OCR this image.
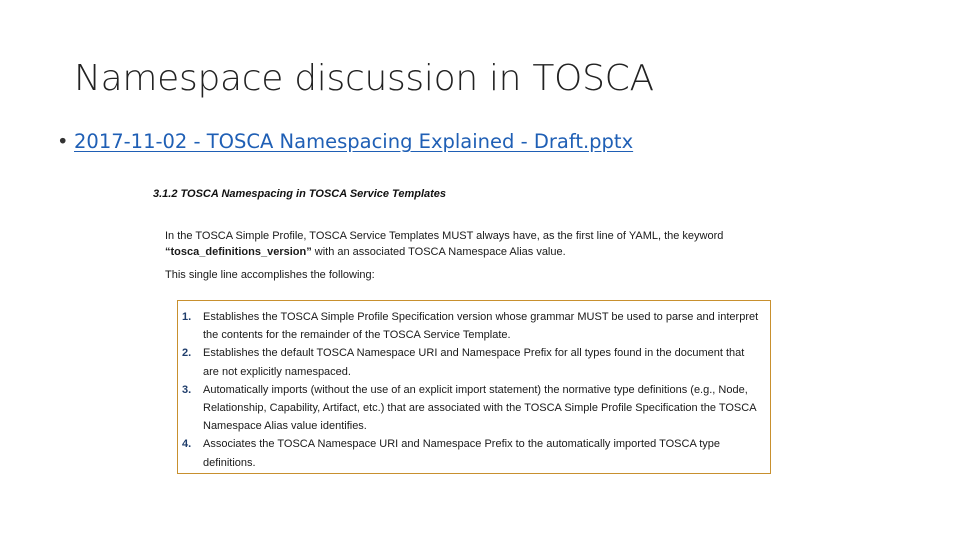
Namespace discussion in TOSCA
• 2017-11-02 - TOSCA Namespacing Explained - Draft.pptx
3.1.2 TOSCA Namespacing in TOSCA Service Templates

In the TOSCA Simple Profile, TOSCA Service Templates MUST always have, as the first line of YAML, the keyword “tosca_definitions_version” with an associated TOSCA Namespace Alias value.

This single line accomplishes the following:

1.	Establishes the TOSCA Simple Profile Specification version whose grammar MUST be used to parse and interpret the contents for the remainder of the TOSCA Service Template.
2.	Establishes the default TOSCA Namespace URI and Namespace Prefix for all types found in the document that are not explicitly namespaced.
3.	Automatically imports (without the use of an explicit import statement) the normative type definitions (e.g., Node, Relationship, Capability, Artifact, etc.) that are associated with the TOSCA Simple Profile Specification the TOSCA Namespace Alias value identifies.
4.	Associates the TOSCA Namespace URI and Namespace Prefix to the automatically imported TOSCA type definitions.
